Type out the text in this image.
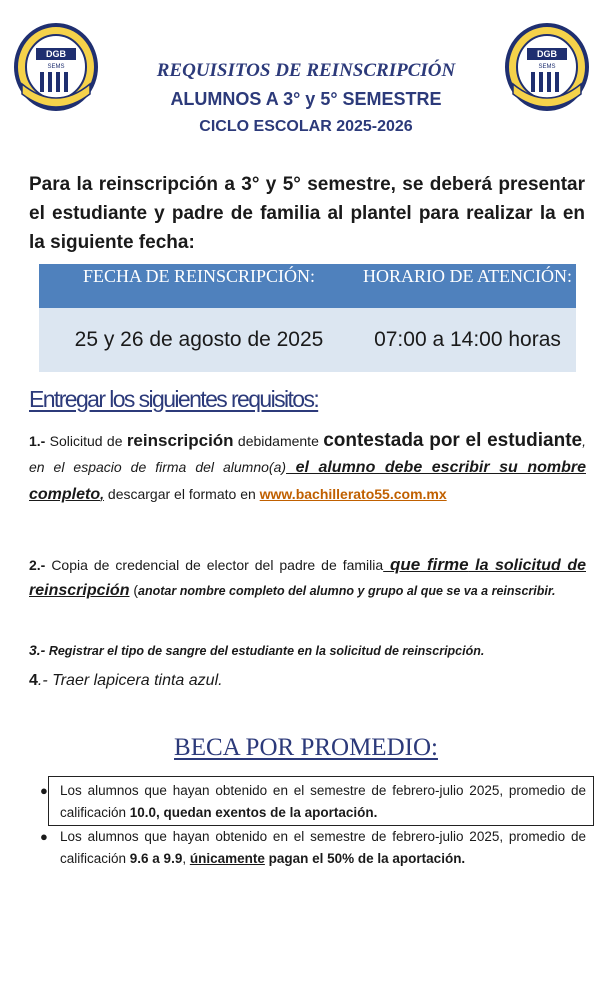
DGB
SEMS
DGB
SEMS
REQUISITOS DE REINSCRIPCIÓN
ALUMNOS A 3° y 5° SEMESTRE
CICLO ESCOLAR 2025-2026
Para la reinscripción a 3° y 5° semestre, se deberá presentar el estudiante y padre de familia al plantel para realizar la en la siguiente fecha:
FECHA DE REINSCRIPCIÓN:	HORARIO DE ATENCIÓN:
25 y 26 de agosto de 2025	07:00 a 14:00 horas
Entregar los siguientes requisitos:
1.- Solicitud de reinscripción debidamente contestada por el estudiante, en el espacio de firma del alumno(a) el alumno debe escribir su nombre completo, descargar el formato en www.bachillerato55.com.mx
2.- Copia de credencial de elector del padre de familia que firme la solicitud de reinscripción (anotar nombre completo del alumno y grupo al que se va a reinscribir.
3.- Registrar el tipo de sangre del estudiante en la solicitud de reinscripción.
4.- Traer lapicera tinta azul.
BECA POR PROMEDIO:
● Los alumnos que hayan obtenido en el semestre de febrero-julio 2025, promedio de calificación 10.0, quedan exentos de la aportación.
● Los alumnos que hayan obtenido en el semestre de febrero-julio 2025, promedio de calificación 9.6 a 9.9, únicamente pagan el 50% de la aportación.
